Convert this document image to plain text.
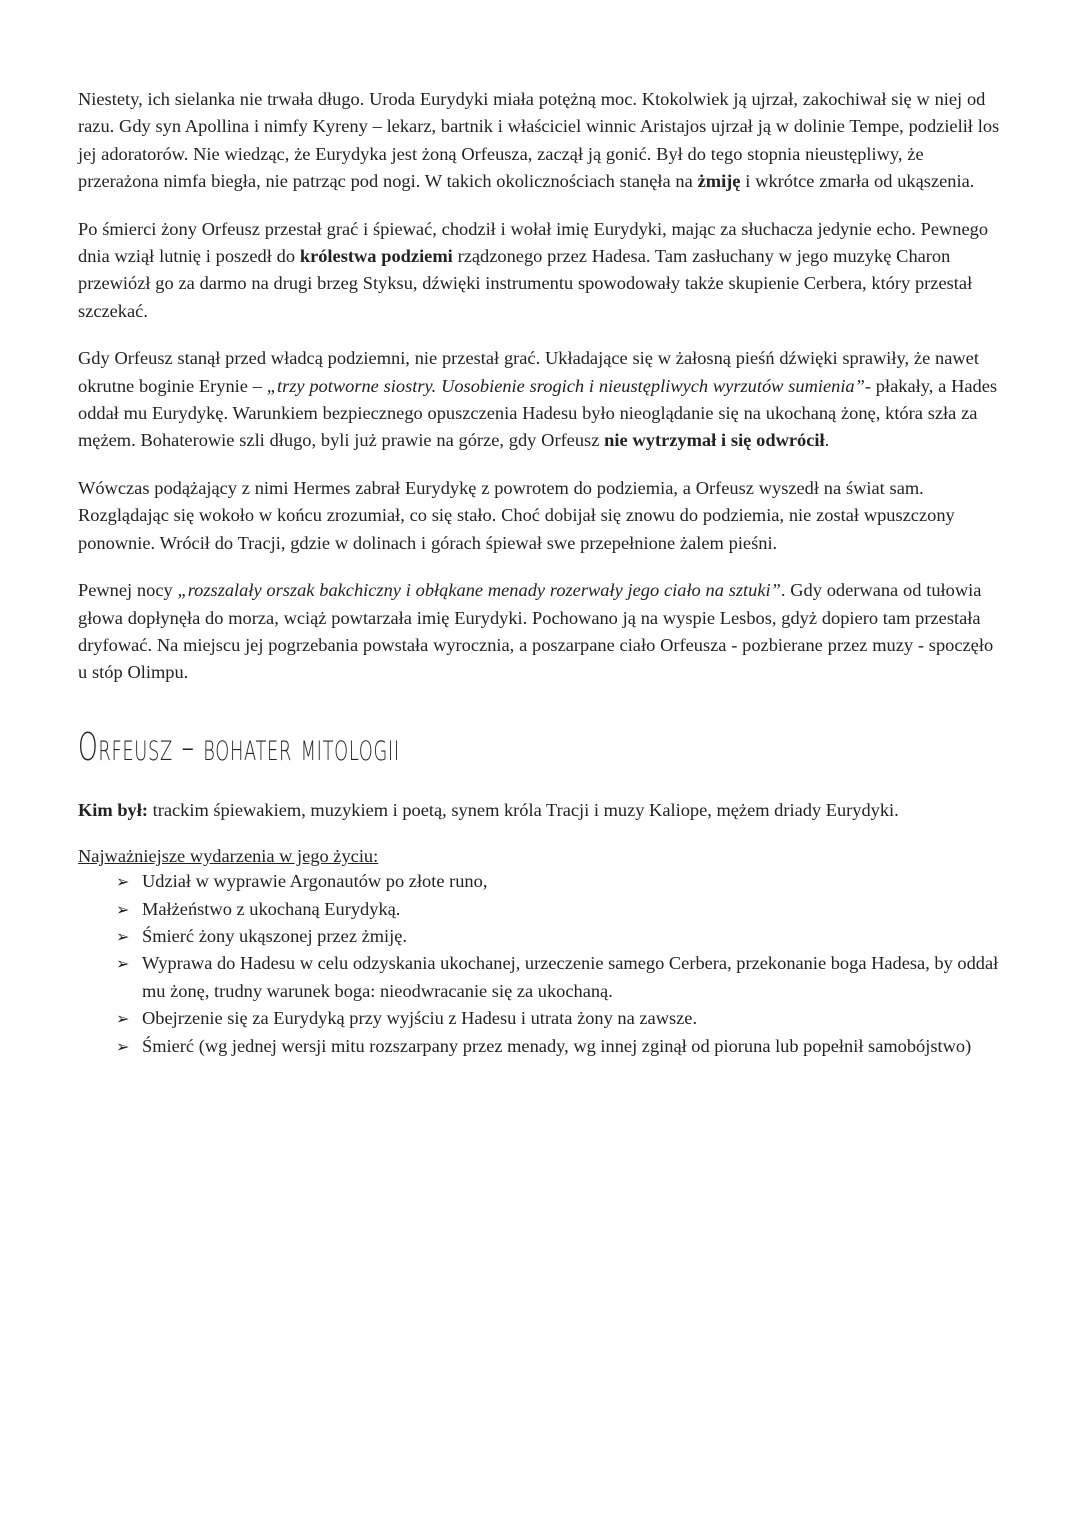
Niestety, ich sielanka nie trwała długo. Uroda Eurydyki miała potężną moc. Ktokolwiek ją ujrzał, zakochiwał się w niej od razu. Gdy syn Apollina i nimfy Kyreny – lekarz, bartnik i właściciel winnic Aristajos ujrzał ją w dolinie Tempe, podzielił los jej adoratorów. Nie wiedząc, że Eurydyka jest żoną Orfeusza, zaczął ją gonić. Był do tego stopnia nieustępliwy, że przerażona nimfa biegła, nie patrząc pod nogi. W takich okolicznościach stanęła na żmiję i wkrótce zmarła od ukąszenia.

Po śmierci żony Orfeusz przestał grać i śpiewać, chodził i wołał imię Eurydyki, mając za słuchacza jedynie echo. Pewnego dnia wziął lutnię i poszedł do królestwa podziemi rządzonego przez Hadesa. Tam zasłuchany w jego muzykę Charon przewiózł go za darmo na drugi brzeg Styksu, dźwięki instrumentu spowodowały także skupienie Cerbera, który przestał szczekać.

Gdy Orfeusz stanął przed władcą podziemni, nie przestał grać. Układające się w żałosną pieśń dźwięki sprawiły, że nawet okrutne boginie Erynie – „trzy potworne siostry. Uosobienie srogich i nieustępliwych wyrzutów sumienia”- płakały, a Hades oddał mu Eurydykę. Warunkiem bezpiecznego opuszczenia Hadesu było nieoglądanie się na ukochaną żonę, która szła za mężem. Bohaterowie szli długo, byli już prawie na górze, gdy Orfeusz nie wytrzymał i się odwrócił.

Wówczas podążający z nimi Hermes zabrał Eurydykę z powrotem do podziemia, a Orfeusz wyszedł na świat sam. Rozglądając się wokoło w końcu zrozumiał, co się stało. Choć dobijał się znowu do podziemia, nie został wpuszczony ponownie. Wrócił do Tracji, gdzie w dolinach i górach śpiewał swe przepełnione żalem pieśni.

Pewnej nocy „rozszalały orszak bakchiczny i obłąkane menady rozerwały jego ciało na sztuki”. Gdy oderwana od tułowia głowa dopłynęła do morza, wciąż powtarzała imię Eurydyki. Pochowano ją na wyspie Lesbos, gdyż dopiero tam przestała dryfować. Na miejscu jej pogrzebania powstała wyrocznia, a poszarpane ciało Orfeusza - pozbierane przez muzy - spoczęło u stóp Olimpu.

Orfeusz – bohater mitologii

Kim był: trackim śpiewakiem, muzykiem i poetą, synem króla Tracji i muzy Kaliope, mężem driady Eurydyki.

Najważniejsze wydarzenia w jego życiu:

➢ Udział w wyprawie Argonautów po złote runo,
➢ Małżeństwo z ukochaną Eurydyką.
➢ Śmierć żony ukąszonej przez żmiję.
➢ Wyprawa do Hadesu w celu odzyskania ukochanej, urzeczenie samego Cerbera, przekonanie boga Hadesa, by oddał mu żonę, trudny warunek boga: nieodwracanie się za ukochaną.
➢ Obejrzenie się za Eurydyką przy wyjściu z Hadesu i utrata żony na zawsze.
➢ Śmierć (wg jednej wersji mitu rozszarpany przez menady, wg innej zginął od pioruna lub popełnił samobójstwo)
